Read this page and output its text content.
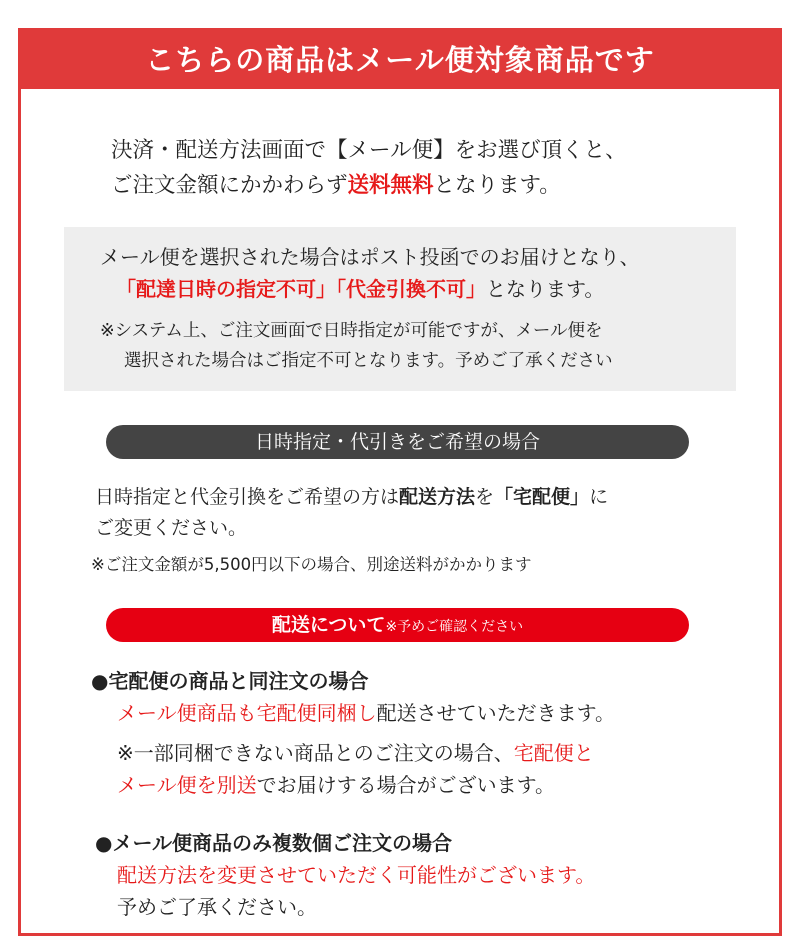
こちらの商品はメール便対象商品です
決済・配送方法画面で【メール便】をお選び頂くと、
ご注文金額にかかわらず送料無料となります。
メール便を選択された場合はポスト投函でのお届けとなり、
「配達日時の指定不可」「代金引換不可」となります。
※システム上、ご注文画面で日時指定が可能ですが、メール便を
選択された場合はご指定不可となります。予めご了承ください
日時指定・代引きをご希望の場合
日時指定と代金引換をご希望の方は配送方法を「宅配便」に
ご変更ください。
※ご注文金額が5,500円以下の場合、別途送料がかかります
配送について※予めご確認ください
●宅配便の商品と同注文の場合
メール便商品も宅配便同梱し配送させていただきます。
※一部同梱できない商品とのご注文の場合、宅配便と
メール便を別送でお届けする場合がございます。
●メール便商品のみ複数個ご注文の場合
配送方法を変更させていただく可能性がございます。
予めご了承ください。
